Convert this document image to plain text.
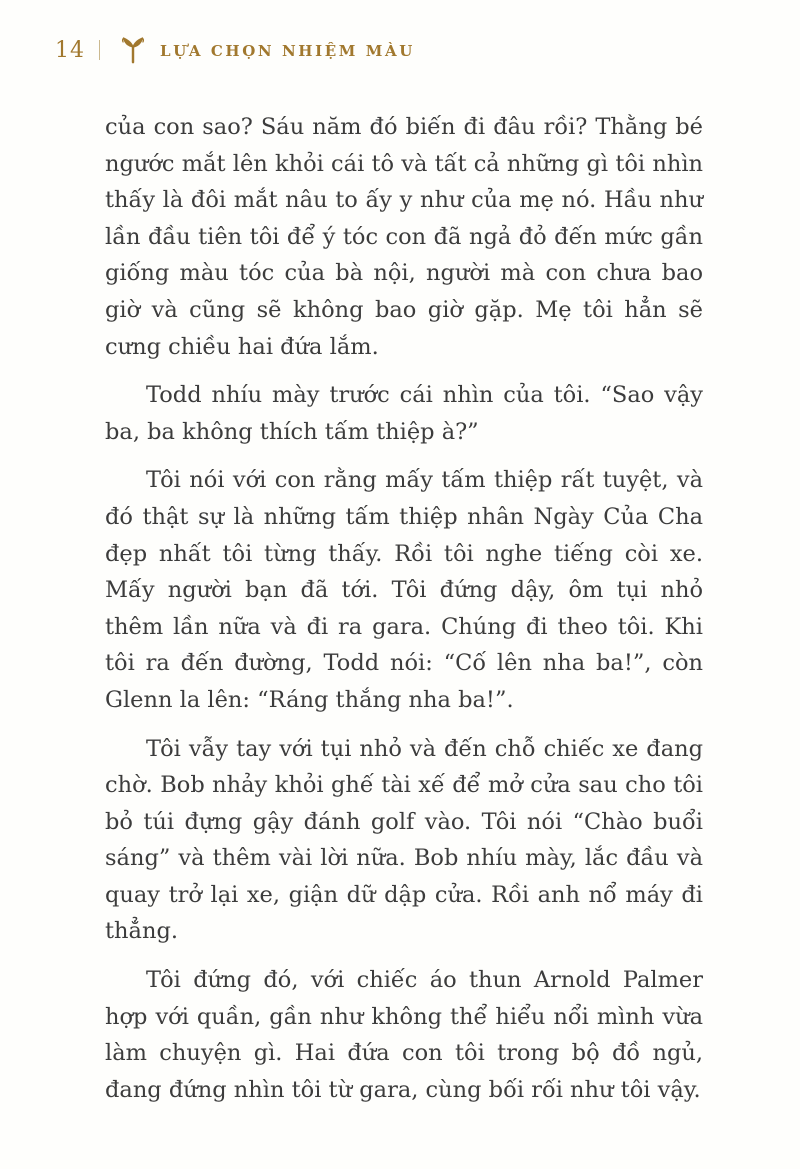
14	LỰA CHỌN NHIỆM MÀU

của con sao? Sáu năm đó biến đi đâu rồi? Thằng bé ngước mắt lên khỏi cái tô và tất cả những gì tôi nhìn thấy là đôi mắt nâu to ấy y như của mẹ nó. Hầu như lần đầu tiên tôi để ý tóc con đã ngả đỏ đến mức gần giống màu tóc của bà nội, người mà con chưa bao giờ và cũng sẽ không bao giờ gặp. Mẹ tôi hẳn sẽ cưng chiều hai đứa lắm.

Todd nhíu mày trước cái nhìn của tôi. “Sao vậy ba, ba không thích tấm thiệp à?”

Tôi nói với con rằng mấy tấm thiệp rất tuyệt, và đó thật sự là những tấm thiệp nhân Ngày Của Cha đẹp nhất tôi từng thấy. Rồi tôi nghe tiếng còi xe. Mấy người bạn đã tới. Tôi đứng dậy, ôm tụi nhỏ thêm lần nữa và đi ra gara. Chúng đi theo tôi. Khi tôi ra đến đường, Todd nói: “Cố lên nha ba!”, còn Glenn la lên: “Ráng thắng nha ba!”.

Tôi vẫy tay với tụi nhỏ và đến chỗ chiếc xe đang chờ. Bob nhảy khỏi ghế tài xế để mở cửa sau cho tôi bỏ túi đựng gậy đánh golf vào. Tôi nói “Chào buổi sáng” và thêm vài lời nữa. Bob nhíu mày, lắc đầu và quay trở lại xe, giận dữ dập cửa. Rồi anh nổ máy đi thẳng.

Tôi đứng đó, với chiếc áo thun Arnold Palmer hợp với quần, gần như không thể hiểu nổi mình vừa làm chuyện gì. Hai đứa con tôi trong bộ đồ ngủ, đang đứng nhìn tôi từ gara, cùng bối rối như tôi vậy.
